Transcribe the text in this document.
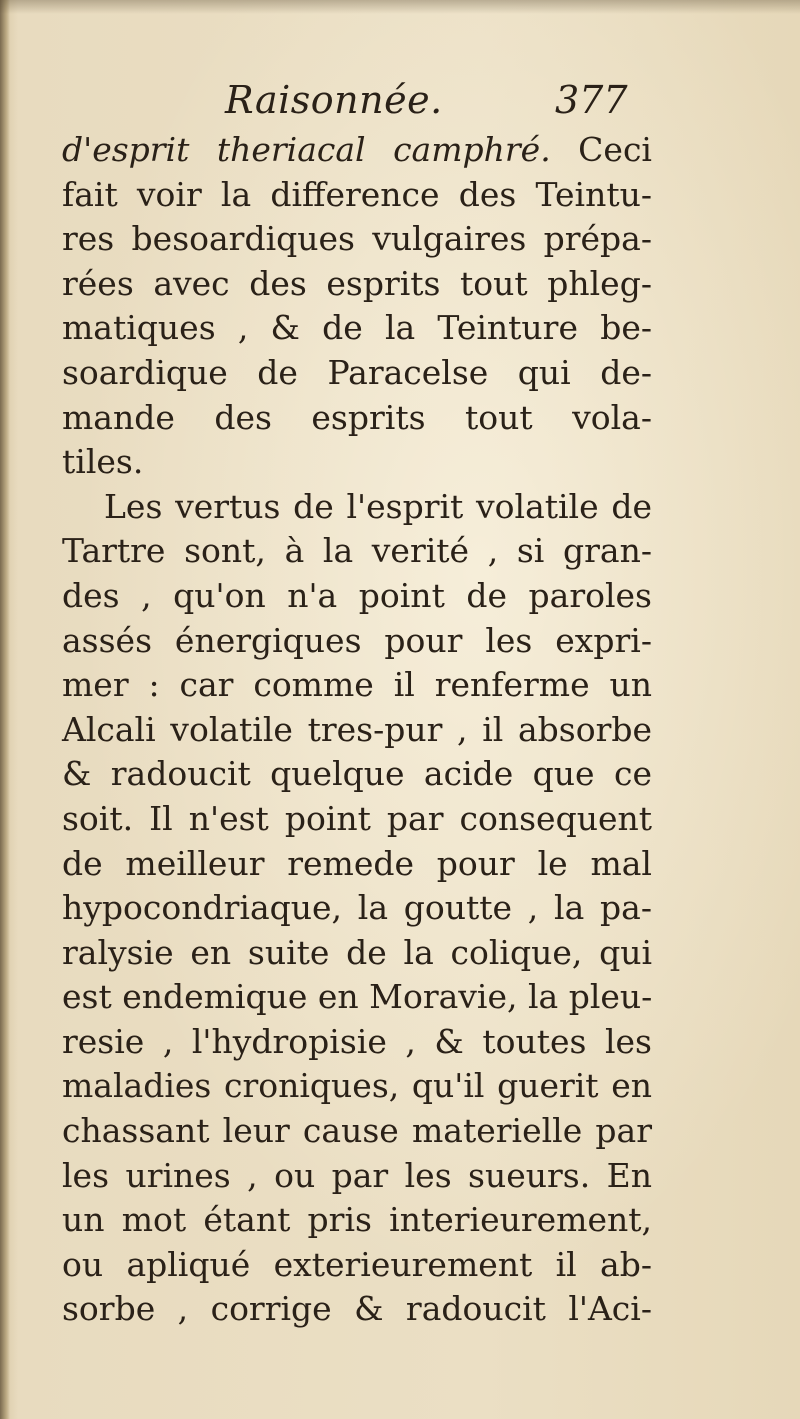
Raisonnée.	377
d'esprit theriacal camphré. Ceci
fait voir la difference des Teintu-
res besoardiques vulgaires prépa-
rées avec des esprits tout phleg-
matiques , & de la Teinture be-
soardique de Paracelse qui de-
mande des esprits tout vola-
tiles.
Les vertus de l'esprit volatile de
Tartre sont, à la verité , si gran-
des , qu'on n'a point de paroles
assés énergiques pour les expri-
mer : car comme il renferme un
Alcali volatile tres-pur , il absorbe
& radoucit quelque acide que ce
soit. Il n'est point par consequent
de meilleur remede pour le mal
hypocondriaque, la goutte , la pa-
ralysie en suite de la colique, qui
est endemique en Moravie, la pleu-
resie , l'hydropisie , & toutes les
maladies croniques, qu'il guerit en
chassant leur cause materielle par
les urines , ou par les sueurs. En
un mot étant pris interieurement,
ou apliqué exterieurement il ab-
sorbe , corrige & radoucit l'Aci-
